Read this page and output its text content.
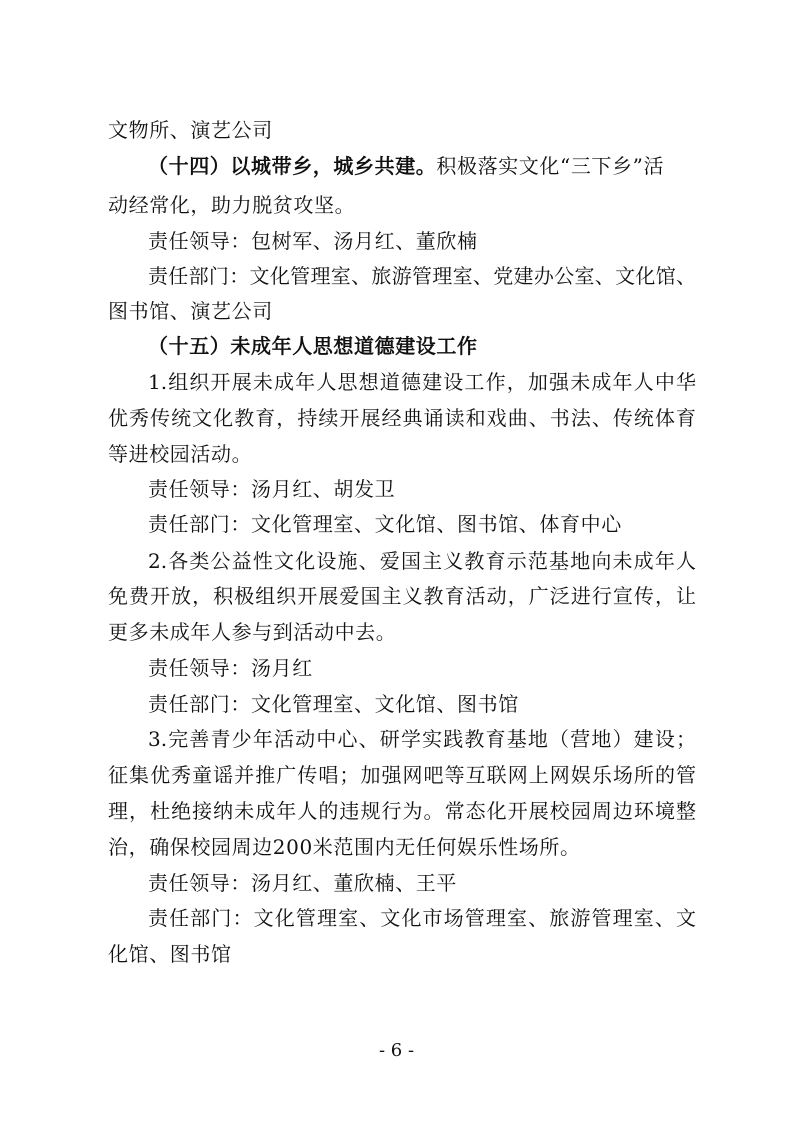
文物所、演艺公司
（十四）以城带乡，城乡共建。积极落实文化“三下乡”活
动经常化，助力脱贫攻坚。
责任领导：包树军、汤月红、董欣楠
责任部门：文化管理室、旅游管理室、党建办公室、文化馆、
图书馆、演艺公司
（十五）未成年人思想道德建设工作
1.组织开展未成年人思想道德建设工作，加强未成年人中华
优秀传统文化教育，持续开展经典诵读和戏曲、书法、传统体育
等进校园活动。
责任领导：汤月红、胡发卫
责任部门：文化管理室、文化馆、图书馆、体育中心
2.各类公益性文化设施、爱国主义教育示范基地向未成年人
免费开放，积极组织开展爱国主义教育活动，广泛进行宣传，让
更多未成年人参与到活动中去。
责任领导：汤月红
责任部门：文化管理室、文化馆、图书馆
3.完善青少年活动中心、研学实践教育基地（营地）建设；
征集优秀童谣并推广传唱；加强网吧等互联网上网娱乐场所的管
理，杜绝接纳未成年人的违规行为。常态化开展校园周边环境整
治，确保校园周边200米范围内无任何娱乐性场所。
责任领导：汤月红、董欣楠、王平
责任部门：文化管理室、文化市场管理室、旅游管理室、文
化馆、图书馆
- 6 -
